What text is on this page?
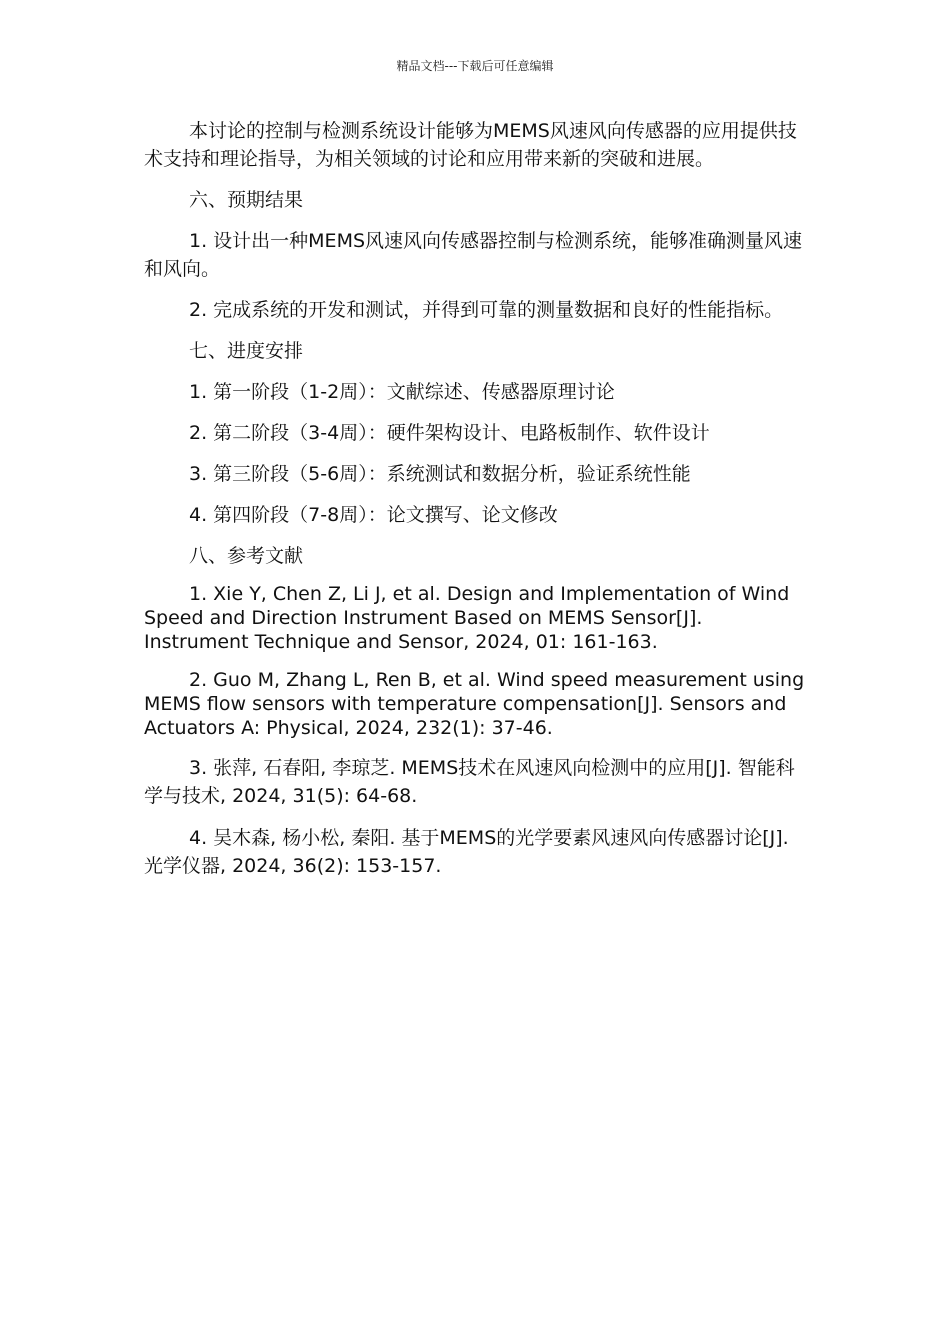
精品文档---下载后可任意编辑

本讨论的控制与检测系统设计能够为MEMS风速风向传感器的应用提供技术支持和理论指导，为相关领域的讨论和应用带来新的突破和进展。

六、预期结果

1. 设计出一种MEMS风速风向传感器控制与检测系统，能够准确测量风速和风向。

2. 完成系统的开发和测试，并得到可靠的测量数据和良好的性能指标。

七、进度安排

1. 第一阶段（1-2周）：文献综述、传感器原理讨论

2. 第二阶段（3-4周）：硬件架构设计、电路板制作、软件设计

3. 第三阶段（5-6周）：系统测试和数据分析，验证系统性能

4. 第四阶段（7-8周）：论文撰写、论文修改

八、参考文献

1. Xie Y, Chen Z, Li J, et al. Design and Implementation of Wind Speed and Direction Instrument Based on MEMS Sensor[J]. Instrument Technique and Sensor, 2024, 01: 161-163.

2. Guo M, Zhang L, Ren B, et al. Wind speed measurement using MEMS flow sensors with temperature compensation[J]. Sensors and Actuators A: Physical, 2024, 232(1): 37-46.

3. 张萍, 石春阳, 李琼芝. MEMS技术在风速风向检测中的应用[J]. 智能科学与技术, 2024, 31(5): 64-68.

4. 吴木森, 杨小松, 秦阳. 基于MEMS的光学要素风速风向传感器讨论[J]. 光学仪器, 2024, 36(2): 153-157.
